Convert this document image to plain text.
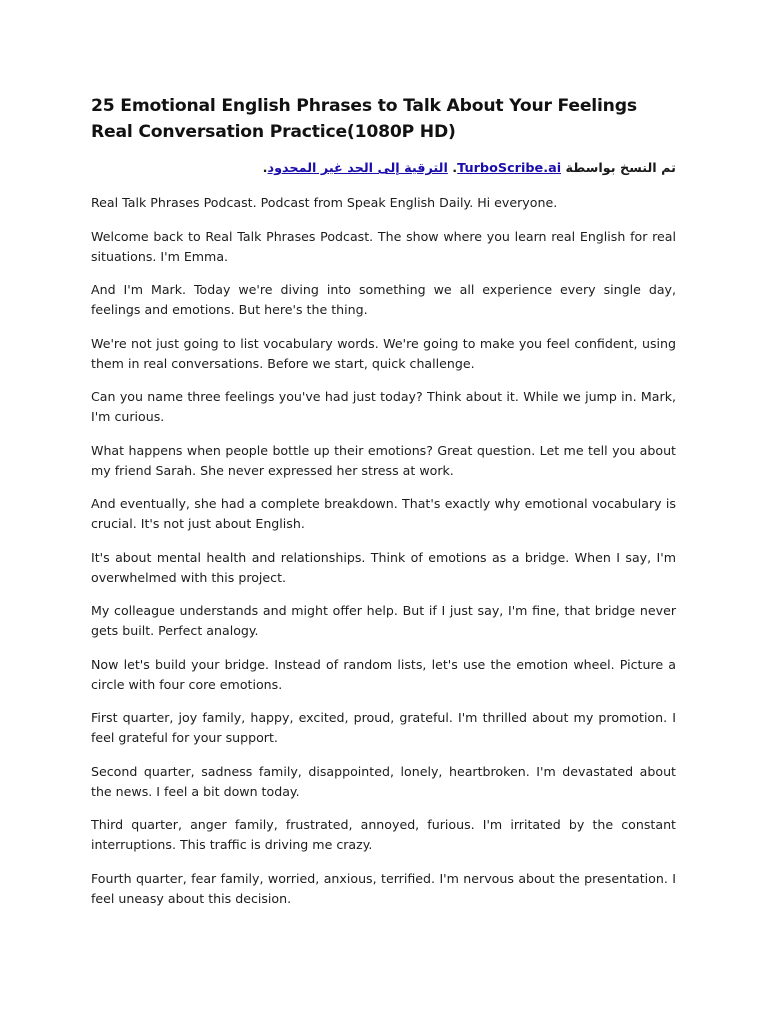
25 Emotional English Phrases to Talk About Your Feelings Real Conversation Practice(1080P HD)

تم النسخ بواسطة TurboScribe.ai. الترقية إلى الحد غير المحدود.

Real Talk Phrases Podcast. Podcast from Speak English Daily. Hi everyone.

Welcome back to Real Talk Phrases Podcast. The show where you learn real English for real situations. I'm Emma.

And I'm Mark. Today we're diving into something we all experience every single day, feelings and emotions. But here's the thing.

We're not just going to list vocabulary words. We're going to make you feel confident, using them in real conversations. Before we start, quick challenge.

Can you name three feelings you've had just today? Think about it. While we jump in. Mark, I'm curious.

What happens when people bottle up their emotions? Great question. Let me tell you about my friend Sarah. She never expressed her stress at work.

And eventually, she had a complete breakdown. That's exactly why emotional vocabulary is crucial. It's not just about English.

It's about mental health and relationships. Think of emotions as a bridge. When I say, I'm overwhelmed with this project.

My colleague understands and might offer help. But if I just say, I'm fine, that bridge never gets built. Perfect analogy.

Now let's build your bridge. Instead of random lists, let's use the emotion wheel. Picture a circle with four core emotions.

First quarter, joy family, happy, excited, proud, grateful. I'm thrilled about my promotion. I feel grateful for your support.

Second quarter, sadness family, disappointed, lonely, heartbroken. I'm devastated about the news. I feel a bit down today.

Third quarter, anger family, frustrated, annoyed, furious. I'm irritated by the constant interruptions. This traffic is driving me crazy.

Fourth quarter, fear family, worried, anxious, terrified. I'm nervous about the presentation. I feel uneasy about this decision.
